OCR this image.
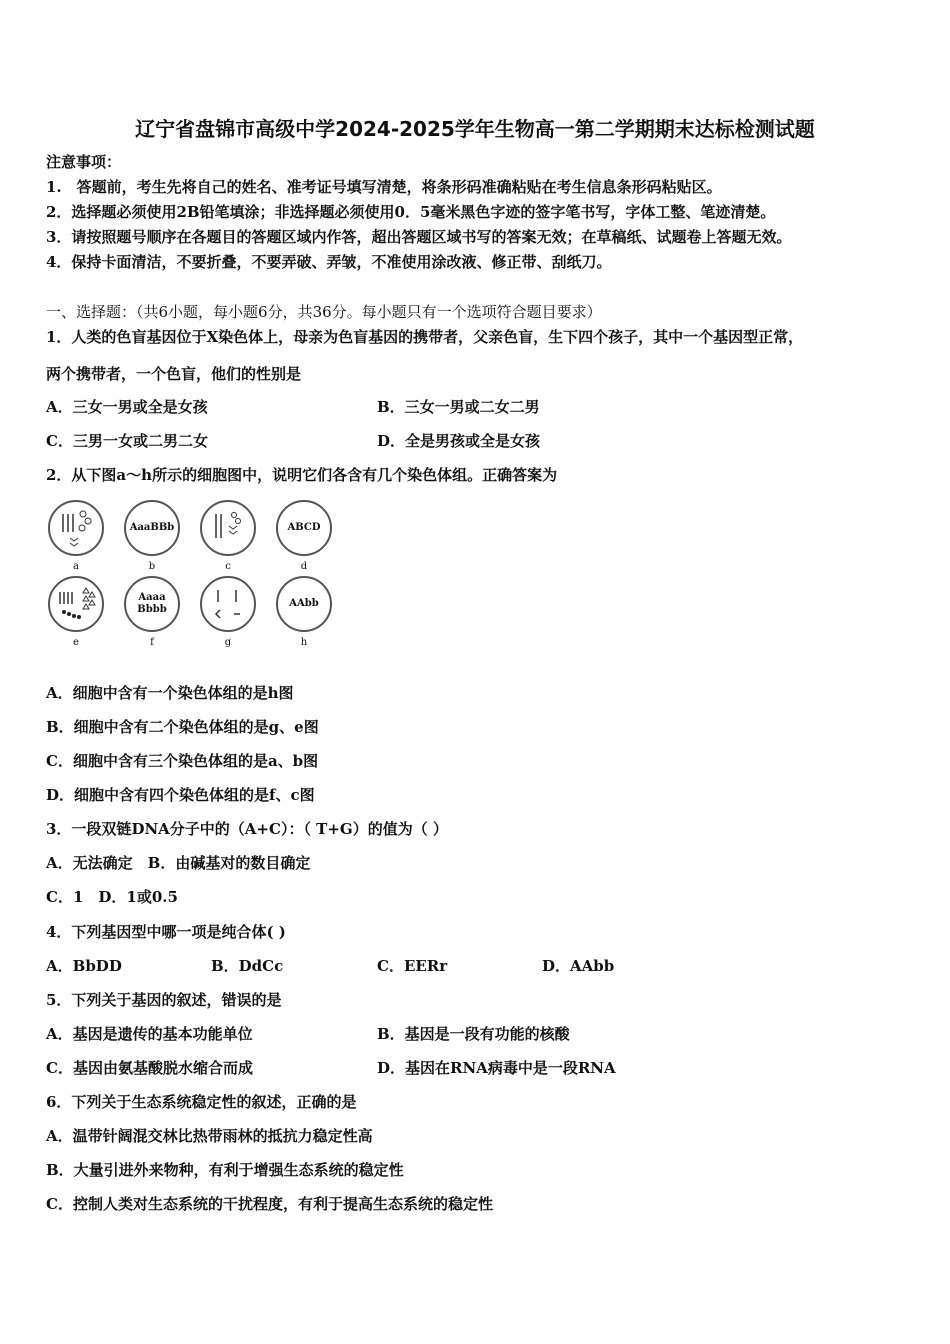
辽宁省盘锦市高级中学2024-2025学年生物高一第二学期期末达标检测试题
注意事项：
1.　答题前，考生先将自己的姓名、准考证号填写清楚，将条形码准确粘贴在考生信息条形码粘贴区。
2．选择题必须使用2B铅笔填涂；非选择题必须使用0．5毫米黑色字迹的签字笔书写，字体工整、笔迹清楚。
3．请按照题号顺序在各题目的答题区域内作答，超出答题区域书写的答案无效；在草稿纸、试题卷上答题无效。
4．保持卡面清洁，不要折叠，不要弄破、弄皱，不准使用涂改液、修正带、刮纸刀。
一、选择题：（共6小题，每小题6分，共36分。每小题只有一个选项符合题目要求）
1．人类的色盲基因位于X染色体上，母亲为色盲基因的携带者，父亲色盲，生下四个孩子，其中一个基因型正常，
两个携带者，一个色盲，他们的性别是
A．三女一男或全是女孩	B．三女一男或二女二男
C．三男一女或二男二女	D．全是男孩或全是女孩
2．从下图a～h所示的细胞图中，说明它们各含有几个染色体组。正确答案为
a
AaaBBb
b	c
ABCD
d
e
Aaaa
Bbbb
f	g
AAbb
h
A．细胞中含有一个染色体组的是h图
B．细胞中含有二个染色体组的是g、e图
C．细胞中含有三个染色体组的是a、b图
D．细胞中含有四个染色体组的是f、c图
3．一段双链DNA分子中的（A+C）：（ T+G）的值为（ ）
A．无法确定　B．由碱基对的数目确定
C．1　D．1或0.5
4．下列基因型中哪一项是纯合体( )
A．BbDD	B．DdCc	C．EERr	D．AAbb
5．下列关于基因的叙述，错误的是
A．基因是遗传的基本功能单位	B．基因是一段有功能的核酸
C．基因由氨基酸脱水缩合而成	D．基因在RNA病毒中是一段RNA
6．下列关于生态系统稳定性的叙述，正确的是
A．温带针阔混交林比热带雨林的抵抗力稳定性高
B．大量引进外来物种，有利于增强生态系统的稳定性
C．控制人类对生态系统的干扰程度，有利于提高生态系统的稳定性
